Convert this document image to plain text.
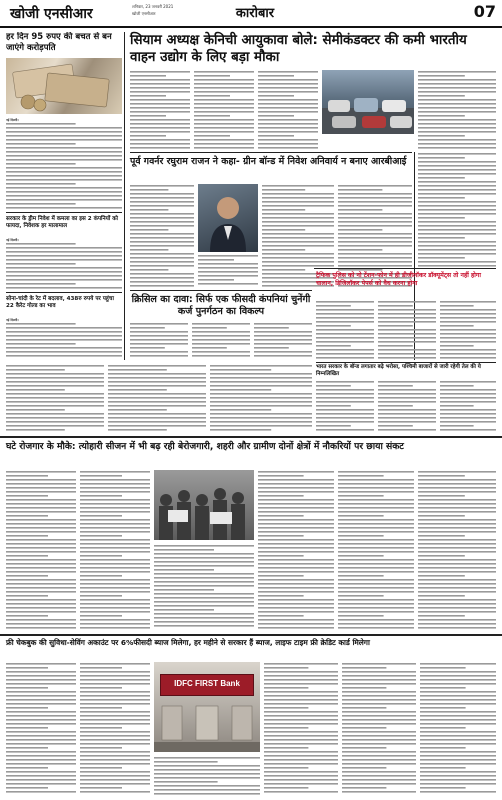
खोजी एनसीआर	शनिवार, 23 जनवरी 2021
खोजी एनसीआर	कारोबार	07
हर दिन 95 रुपए की बचत से बन जाएंगे करोड़पति
नई दिल्ली।
सरकार के ड्रीम निवेश में कमला का इस 2 कंपनियों को फायदा, निवेशक हर मालामाल
नई दिल्ली।
सोना-चांदी के रेट में बदलाव, 438रु रुपये पर पहुंचा 22 कैरेट गोल्ड का भाव
नई दिल्ली।
सियाम अध्यक्ष केनिची आयुकावा बोले: सेमीकंडक्टर की कमी भारतीय वाहन उद्योग के लिए बड़ा मौका
पूर्व गवर्नर रघुराम राजन ने कहा- ग्रीन बॉन्ड में निवेश अनिवार्य न बनाए आरबीआई
ट्रैफिक पुलिस को नो टेंशन-फोन में ही डीजीलॉकर डॉक्यूमेंट्स तो नहीं होगा चालान, डिजिलॉकर पेपर्स को वैध करना होगा
क्रिसिल का दावा: सिर्फ एक फीसदी कंपनियां चुनेंगी कर्ज पुनर्गठन का विकल्प
भारत सरकार के बॉन्ड लगातार बढ़े भरोसा, पश्चिमी बाजारों से जारी रहेगी तेल की ये निम्नलिखित
घटे रोजगार के मौके: त्योहारी सीजन में भी बढ़ रही बेरोजगारी, शहरी और ग्रामीण दोनों क्षेत्रों में नौकरियों पर छाया संकट
फ्री चेकबुक की सुविधा-सेविंग अकाउंट पर 6%फीसदी ब्याज मिलेगा, हर महीने से सरकार हैं ब्याज, लाइफ टाइम फ्री क्रेडिट कार्ड मिलेगा
IDFC FIRST Bank
